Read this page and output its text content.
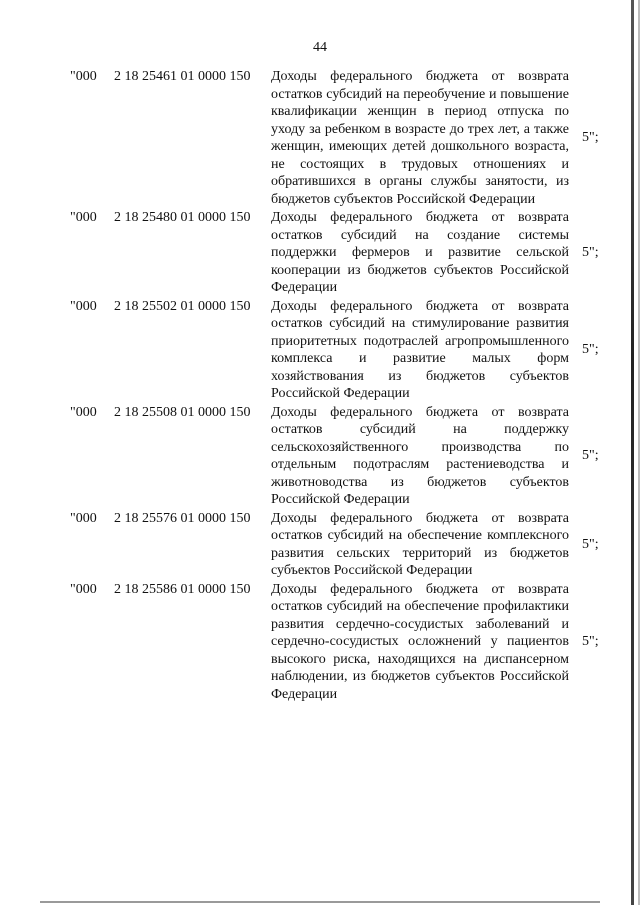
44
"000 2 18 25461 01 0000 150 Доходы федерального бюджета от возврата остатков субсидий на переобучение и повышение квалификации женщин в период отпуска по уходу за ребенком в возрасте до трех лет, а также женщин, имеющих детей дошкольного возраста, не состоящих в трудовых отношениях и обратившихся в органы службы занятости, из бюджетов субъектов Российской Федерации
5";
"000 2 18 25480 01 0000 150 Доходы федерального бюджета от возврата остатков субсидий на создание системы поддержки фермеров и развитие сельской кооперации из бюджетов субъектов Российской Федерации
5";
"000 2 18 25502 01 0000 150 Доходы федерального бюджета от возврата остатков субсидий на стимулирование развития приоритетных подотраслей агропромышленного комплекса и развитие малых форм хозяйствования из бюджетов субъектов Российской Федерации
5";
"000 2 18 25508 01 0000 150 Доходы федерального бюджета от возврата остатков субсидий на поддержку сельскохозяйственного производства по отдельным подотраслям растениеводства и животноводства из бюджетов субъектов Российской Федерации
5";
"000 2 18 25576 01 0000 150 Доходы федерального бюджета от возврата остатков субсидий на обеспечение комплексного развития сельских территорий из бюджетов субъектов Российской Федерации
5";
"000 2 18 25586 01 0000 150 Доходы федерального бюджета от возврата остатков субсидий на обеспечение профилактики развития сердечно-сосудистых заболеваний и сердечно-сосудистых осложнений у пациентов высокого риска, находящихся на диспансерном наблюдении, из бюджетов субъектов Российской Федерации
5";
